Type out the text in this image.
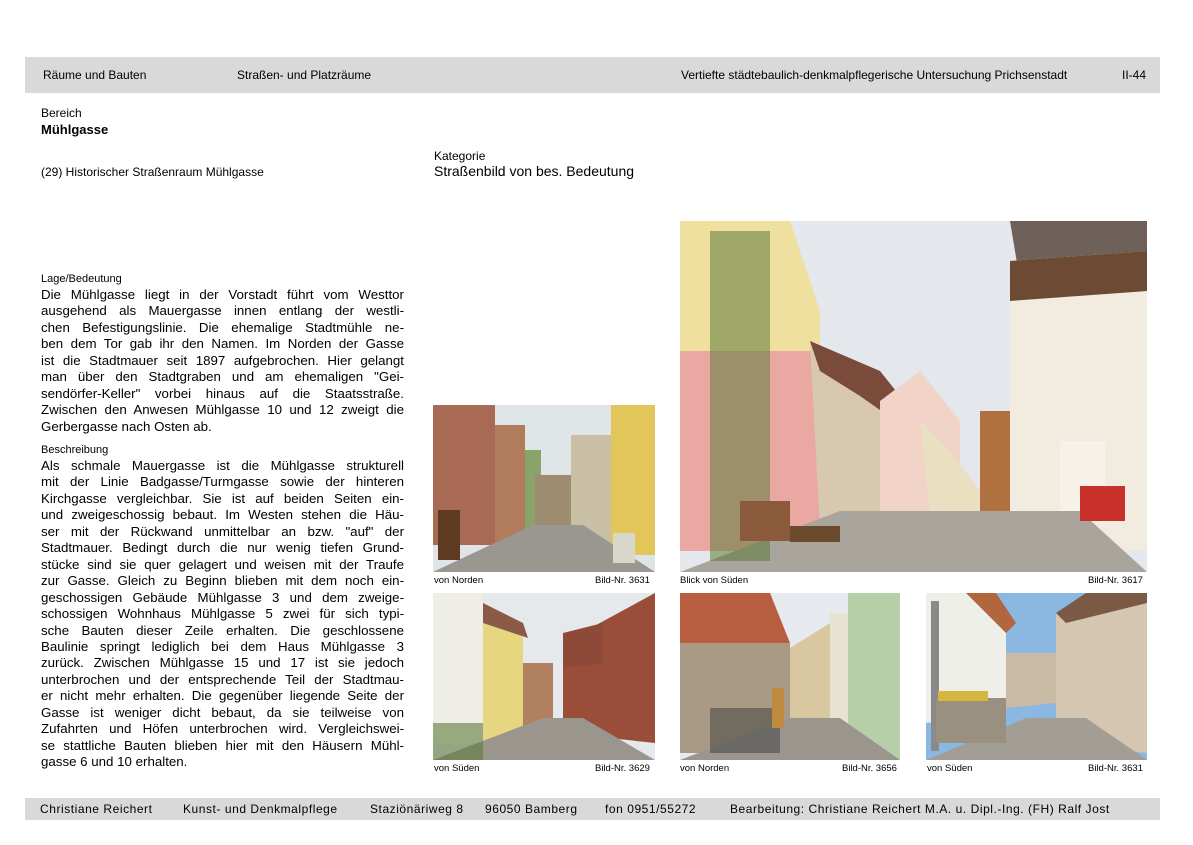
Räume und Bauten	Straßen- und Platzräume	Vertiefte städtebaulich-denkmalpflegerische Untersuchung Prichsenstadt	II-44
Bereich
Mühlgasse
(29) Historischer Straßenraum Mühlgasse
Kategorie
Straßenbild von bes. Bedeutung
Lage/Bedeutung
Die Mühlgasse liegt in der Vorstadt führt vom Westtor
ausgehend als Mauergasse innen entlang der westli-
chen Befestigungslinie. Die ehemalige Stadtmühle ne-
ben dem Tor gab ihr den Namen. Im Norden der Gasse
ist die Stadtmauer seit 1897 aufgebrochen. Hier gelangt
man über den Stadtgraben und am ehemaligen "Gei-
sendörfer-Keller" vorbei hinaus auf die Staatsstraße.
Zwischen den Anwesen Mühlgasse 10 und 12 zweigt die
Gerbergasse nach Osten ab.
Beschreibung
Als schmale Mauergasse ist die Mühlgasse strukturell
mit der Linie Badgasse/Turmgasse sowie der hinteren
Kirchgasse vergleichbar. Sie ist auf beiden Seiten ein-
und zweigeschossig bebaut. Im Westen stehen die Häu-
ser mit der Rückwand unmittelbar an bzw. "auf" der
Stadtmauer. Bedingt durch die nur wenig tiefen Grund-
stücke sind sie quer gelagert und weisen mit der Traufe
zur Gasse. Gleich zu Beginn blieben mit dem noch ein-
geschossigen Gebäude Mühlgasse 3 und dem zweige-
schossigen Wohnhaus Mühlgasse 5 zwei für sich typi-
sche Bauten dieser Zeile erhalten. Die geschlossene
Baulinie springt lediglich bei dem Haus Mühlgasse 3
zurück. Zwischen Mühlgasse 15 und 17 ist sie jedoch
unterbrochen und der entsprechende Teil der Stadtmau-
er nicht mehr erhalten. Die gegenüber liegende Seite der
Gasse ist weniger dicht bebaut, da sie teilweise von
Zufahrten und Höfen unterbrochen wird. Vergleichswei-
se stattliche Bauten blieben hier mit den Häusern Mühl-
gasse 6 und 10 erhalten.
von Norden	Bild-Nr. 3631	Blick von Süden	Bild-Nr. 3617
von Süden	Bild-Nr. 3629	von Norden	Bild-Nr. 3656	von Süden	Bild-Nr. 3631
Christiane Reichert	Kunst- und Denkmalpflege	Staziönäriweg 8 96050 Bamberg fon 0951/55272	Bearbeitung: Christiane Reichert M.A. u. Dipl.-Ing. (FH) Ralf Jost
